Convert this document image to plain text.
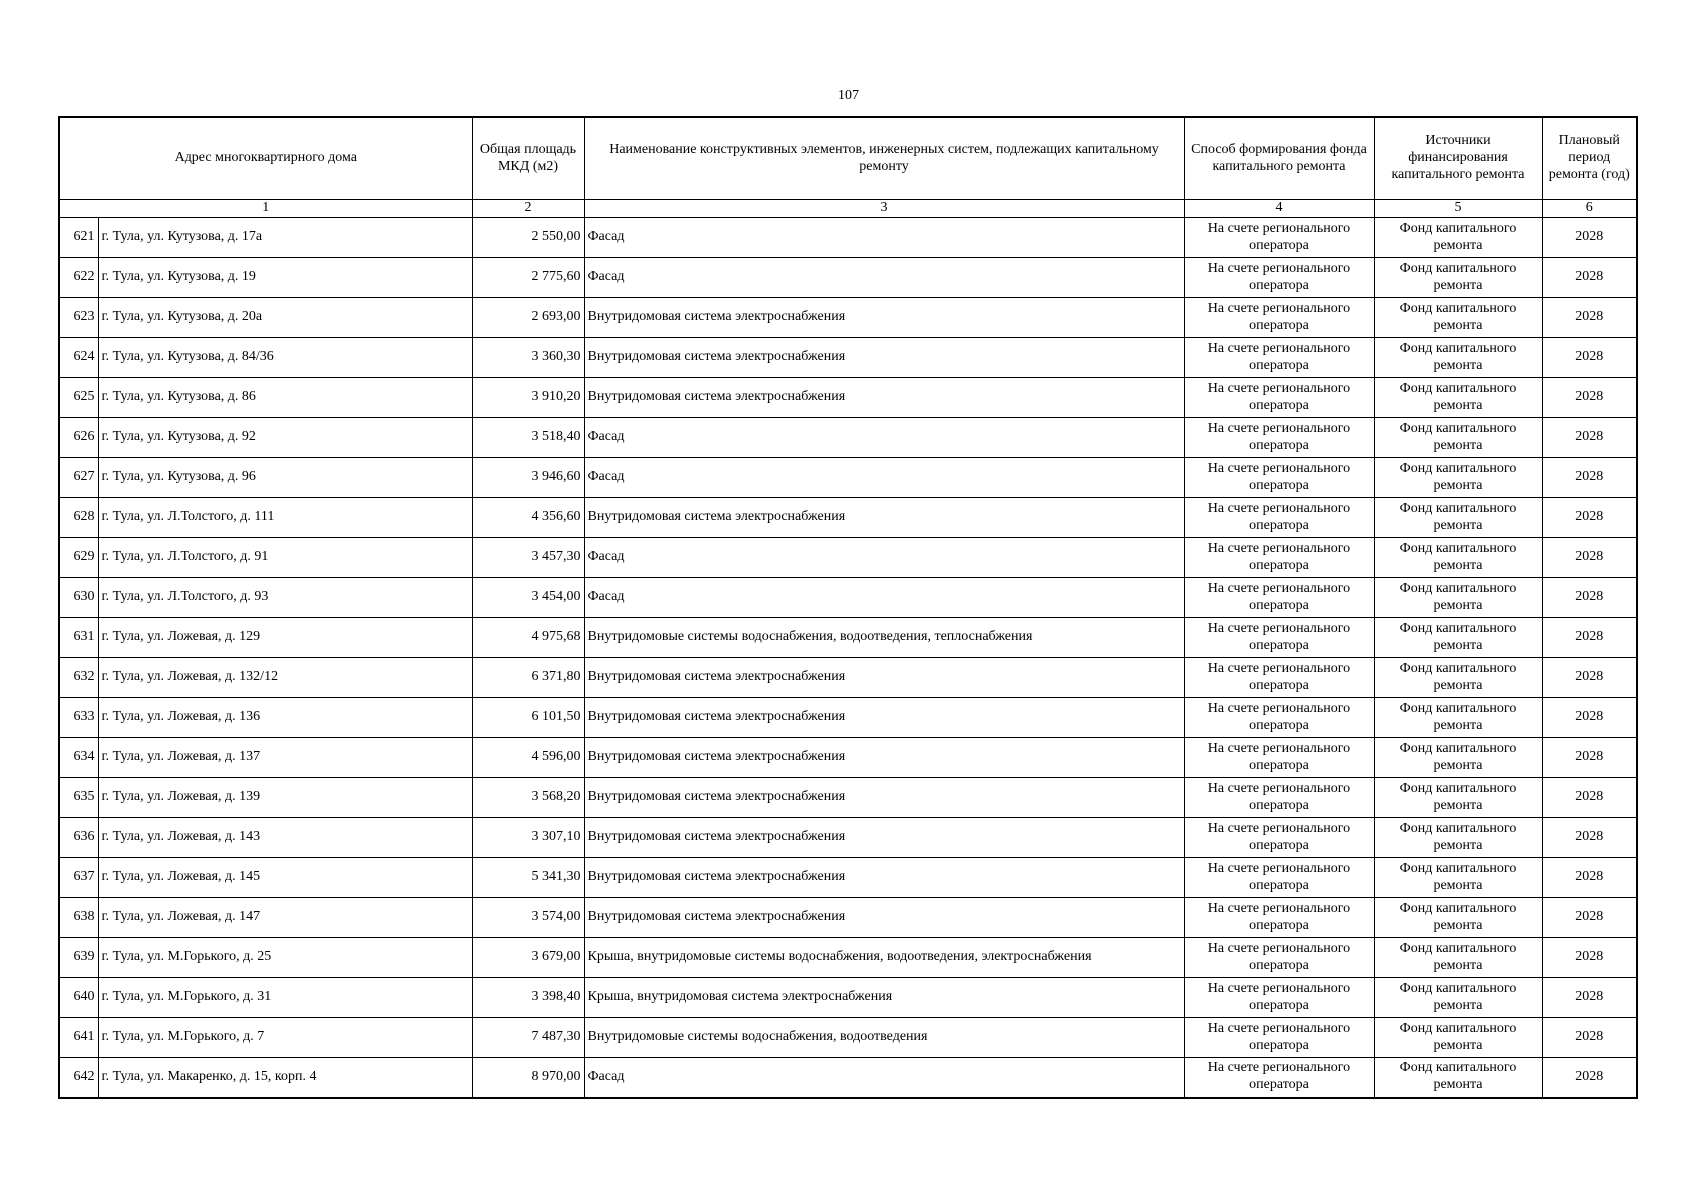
107
Адрес многоквартирного дома		Общая площадь МКД (м2)	Наименование конструктивных элементов, инженерных систем, подлежащих капитальному ремонту	Способ формирования фонда капитального ремонта	Источники финансирования капитального ремонта	Плановый период ремонта (год)
1		2	3	4	5	6
621	г. Тула, ул. Кутузова, д. 17а	2 550,00	Фасад	На счете регионального оператора	Фонд капитального ремонта	2028
622	г. Тула, ул. Кутузова, д. 19	2 775,60	Фасад	На счете регионального оператора	Фонд капитального ремонта	2028
623	г. Тула, ул. Кутузова, д. 20а	2 693,00	Внутридомовая система электроснабжения	На счете регионального оператора	Фонд капитального ремонта	2028
624	г. Тула, ул. Кутузова, д. 84/36	3 360,30	Внутридомовая система электроснабжения	На счете регионального оператора	Фонд капитального ремонта	2028
625	г. Тула, ул. Кутузова, д. 86	3 910,20	Внутридомовая система электроснабжения	На счете регионального оператора	Фонд капитального ремонта	2028
626	г. Тула, ул. Кутузова, д. 92	3 518,40	Фасад	На счете регионального оператора	Фонд капитального ремонта	2028
627	г. Тула, ул. Кутузова, д. 96	3 946,60	Фасад	На счете регионального оператора	Фонд капитального ремонта	2028
628	г. Тула, ул. Л.Толстого, д. 111	4 356,60	Внутридомовая система электроснабжения	На счете регионального оператора	Фонд капитального ремонта	2028
629	г. Тула, ул. Л.Толстого, д. 91	3 457,30	Фасад	На счете регионального оператора	Фонд капитального ремонта	2028
630	г. Тула, ул. Л.Толстого, д. 93	3 454,00	Фасад	На счете регионального оператора	Фонд капитального ремонта	2028
631	г. Тула, ул. Ложевая, д. 129	4 975,68	Внутридомовые системы водоснабжения, водоотведения, теплоснабжения	На счете регионального оператора	Фонд капитального ремонта	2028
632	г. Тула, ул. Ложевая, д. 132/12	6 371,80	Внутридомовая система электроснабжения	На счете регионального оператора	Фонд капитального ремонта	2028
633	г. Тула, ул. Ложевая, д. 136	6 101,50	Внутридомовая система электроснабжения	На счете регионального оператора	Фонд капитального ремонта	2028
634	г. Тула, ул. Ложевая, д. 137	4 596,00	Внутридомовая система электроснабжения	На счете регионального оператора	Фонд капитального ремонта	2028
635	г. Тула, ул. Ложевая, д. 139	3 568,20	Внутридомовая система электроснабжения	На счете регионального оператора	Фонд капитального ремонта	2028
636	г. Тула, ул. Ложевая, д. 143	3 307,10	Внутридомовая система электроснабжения	На счете регионального оператора	Фонд капитального ремонта	2028
637	г. Тула, ул. Ложевая, д. 145	5 341,30	Внутридомовая система электроснабжения	На счете регионального оператора	Фонд капитального ремонта	2028
638	г. Тула, ул. Ложевая, д. 147	3 574,00	Внутридомовая система электроснабжения	На счете регионального оператора	Фонд капитального ремонта	2028
639	г. Тула, ул. М.Горького, д. 25	3 679,00	Крыша, внутридомовые системы водоснабжения, водоотведения, электроснабжения	На счете регионального оператора	Фонд капитального ремонта	2028
640	г. Тула, ул. М.Горького, д. 31	3 398,40	Крыша, внутридомовая система электроснабжения	На счете регионального оператора	Фонд капитального ремонта	2028
641	г. Тула, ул. М.Горького, д. 7	7 487,30	Внутридомовые системы водоснабжения, водоотведения	На счете регионального оператора	Фонд капитального ремонта	2028
642	г. Тула, ул. Макаренко, д. 15, корп. 4	8 970,00	Фасад	На счете регионального оператора	Фонд капитального ремонта	2028
